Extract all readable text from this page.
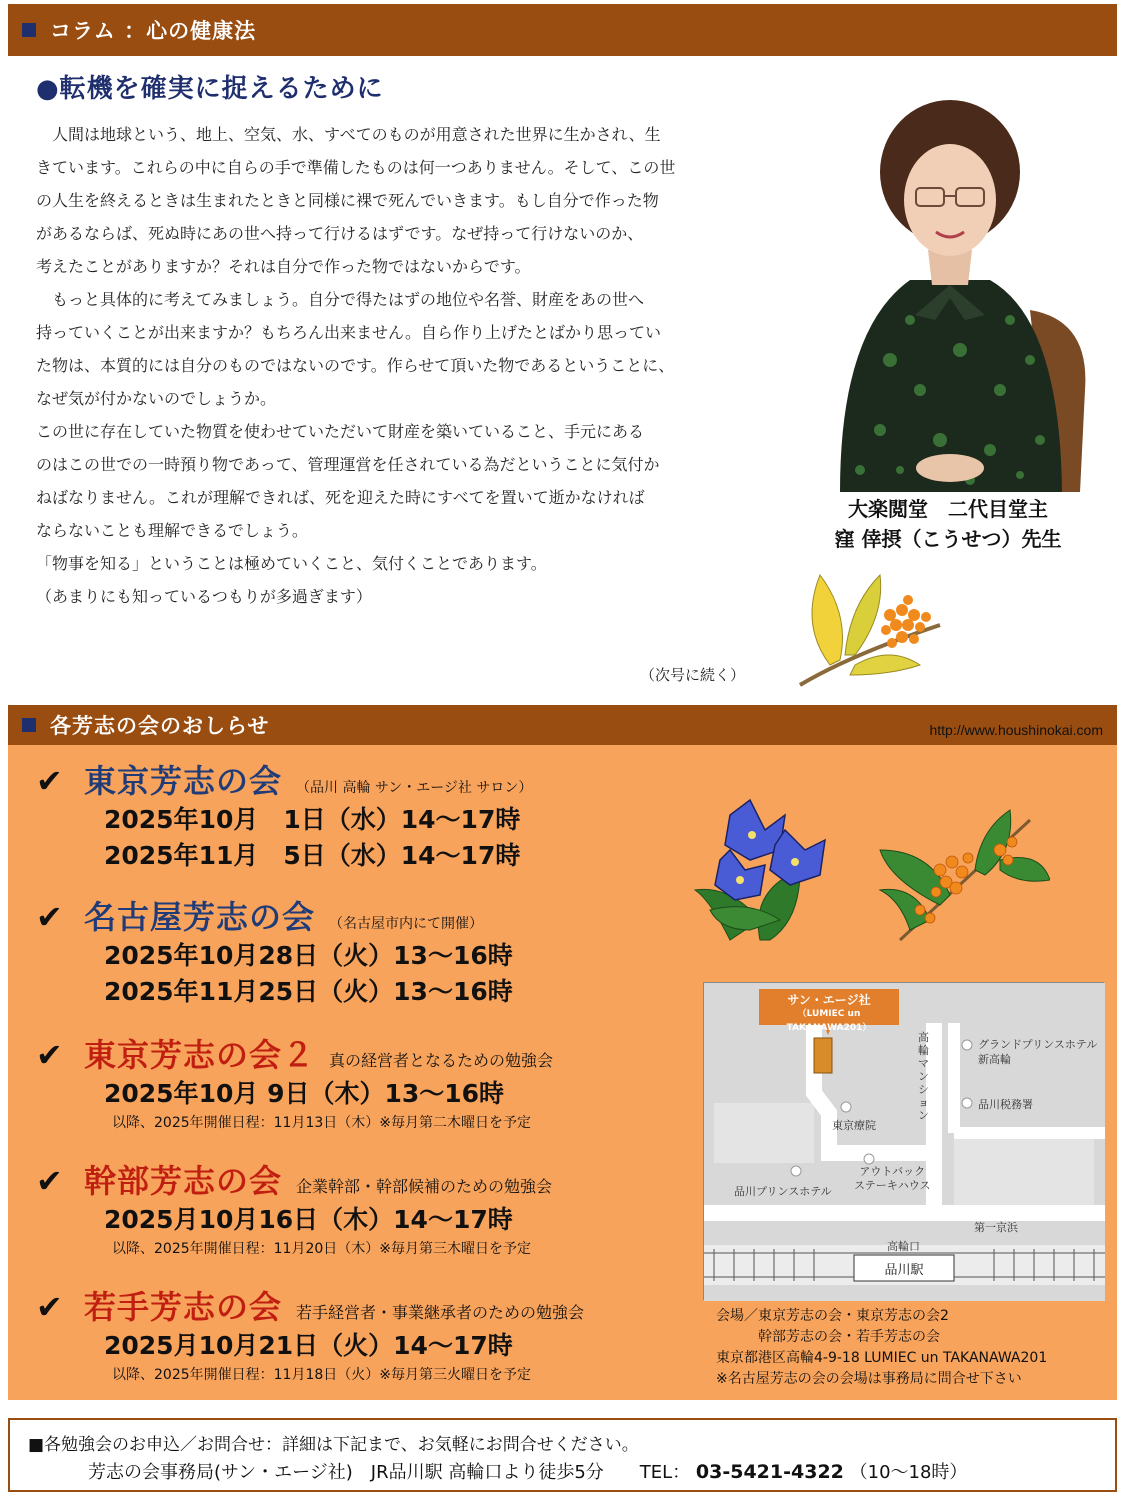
コラム ：心の健康法
●転機を確実に捉えるために

　人間は地球という、地上、空気、水、すべてのものが用意された世界に生かされ、生

きています。これらの中に自らの手で準備したものは何一つありません。そして、この世

の人生を終えるときは生まれたときと同様に裸で死んでいきます。もし自分で作った物

があるならば、死ぬ時にあの世へ持って行けるはずです。なぜ持って行けないのか、

考えたことがありますか？それは自分で作った物ではないからです。

　もっと具体的に考えてみましょう。自分で得たはずの地位や名誉、財産をあの世へ

持っていくことが出来ますか？もちろん出来ません。自ら作り上げたとばかり思ってい

た物は、本質的には自分のものではないのです。作らせて頂いた物であるということに、

なぜ気が付かないのでしょうか。

この世に存在していた物質を使わせていただいて財産を築いていること、手元にある

のはこの世での一時預り物であって、管理運営を任されている為だということに気付か

ねばなりません。これが理解できれば、死を迎えた時にすべてを置いて逝かなければ

ならないことも理解できるでしょう。

「物事を知る」ということは極めていくこと、気付くことであります。

（あまりにも知っているつもりが多過ぎます）

（次号に続く）
大楽閲堂　二代目堂主
窪 倖摂（こうせつ）先生
各芳志の会のおしらせ	http://www.houshinokai.com
✔ 東京芳志の会 （品川 高輪 サン・エージ社 サロン）
2025年10月　1日（水）14～17時
2025年11月　5日（水）14～17時
✔ 名古屋芳志の会 （名古屋市内にて開催）
2025年10月28日（火）13～16時
2025年11月25日（火）13～16時
✔ 東京芳志の会２ 真の経営者となるための勉強会
2025年10月 9日（木）13～16時
以降、2025年開催日程：11月13日（木）※毎月第二木曜日を予定
✔ 幹部芳志の会 企業幹部・幹部候補のための勉強会
2025月10月16日（木）14～17時
以降、2025年開催日程：11月20日（木）※毎月第三木曜日を予定
✔ 若手芳志の会 若手経営者・事業継承者のための勉強会
2025月10月21日（火）14～17時
以降、2025年開催日程：11月18日（火）※毎月第三火曜日を予定
サン・エージ社
（LUMIEC un TAKANAWA201）
高輪マンション
グランドプリンスホテル
新高輪
品川税務署
東京療院
アウトバック
ステーキハウス
品川プリンスホテル
第一京浜
高輪口
品川駅
会場／東京芳志の会・東京芳志の会2
　　　幹部芳志の会・若手芳志の会
東京都港区高輪4-9-18 LUMIEC un TAKANAWA201
※名古屋芳志の会の会場は事務局に問合せ下さい
■各勉強会のお申込／お問合せ：詳細は下記まで、お気軽にお問合せください。
芳志の会事務局(サン・エージ社)　JR品川駅 高輪口より徒歩5分　　TEL： 03-5421-4322 （10～18時）
